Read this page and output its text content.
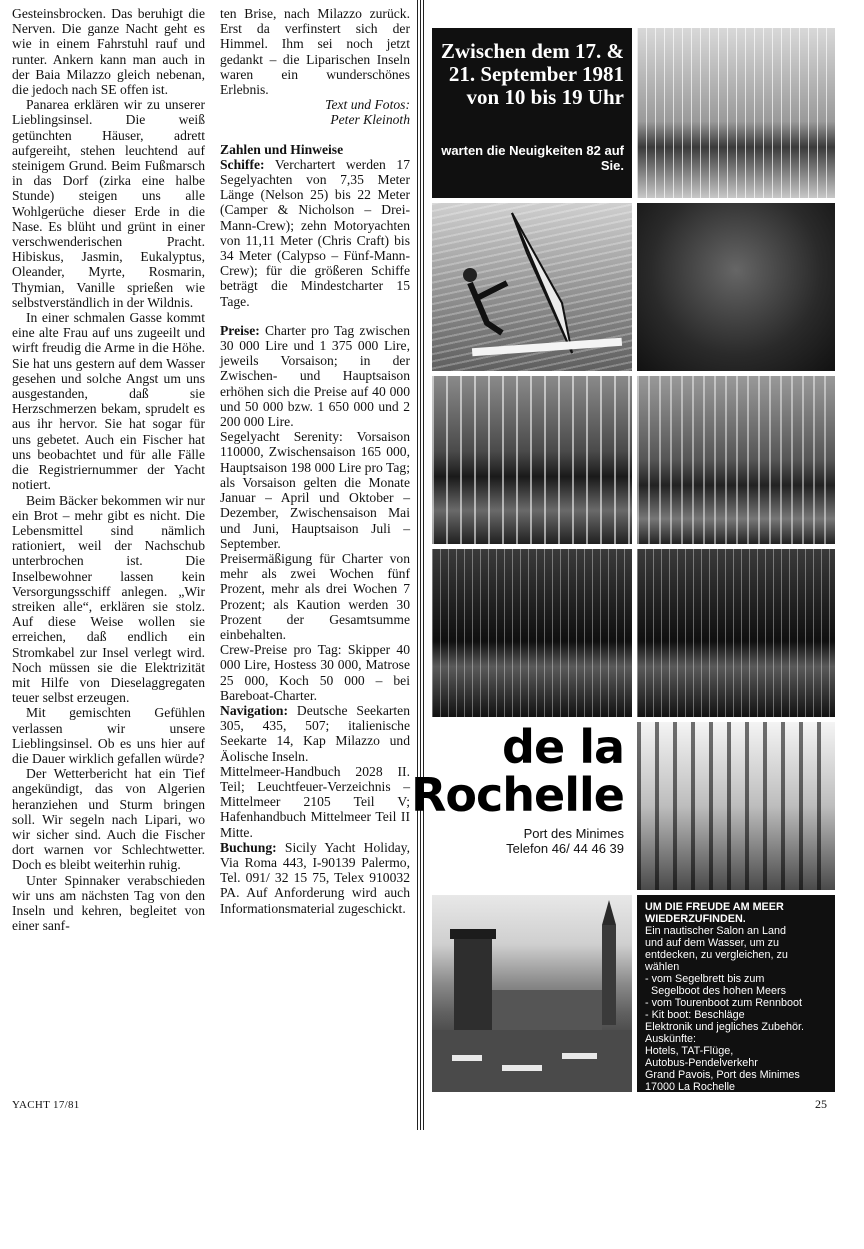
Gesteinsbrocken. Das beruhigt die Nerven. Die ganze Nacht geht es wie in einem Fahrstuhl rauf und runter. Ankern kann man auch in der Baia Milazzo gleich nebenan, die jedoch nach SE offen ist.

Panarea erklären wir zu unserer Lieblingsinsel. Die weiß getünchten Häuser, adrett aufgereiht, stehen leuchtend auf steinigem Grund. Beim Fußmarsch in das Dorf (zirka eine halbe Stunde) steigen uns alle Wohlgerüche dieser Erde in die Nase. Es blüht und grünt in einer verschwenderischen Pracht. Hibiskus, Jasmin, Eukalyptus, Oleander, Myrte, Rosmarin, Thymian, Vanille sprießen wie selbstverständlich in der Wildnis.

In einer schmalen Gasse kommt eine alte Frau auf uns zugeeilt und wirft freudig die Arme in die Höhe. Sie hat uns gestern auf dem Wasser gesehen und solche Angst um uns ausgestanden, daß sie Herzschmerzen bekam, sprudelt es aus ihr hervor. Sie hat sogar für uns gebetet. Auch ein Fischer hat uns beobachtet und für alle Fälle die Registriernummer der Yacht notiert.

Beim Bäcker bekommen wir nur ein Brot – mehr gibt es nicht. Die Lebensmittel sind nämlich rationiert, weil der Nachschub unterbrochen ist. Die Inselbewohner lassen kein Versorgungsschiff anlegen. „Wir streiken alle“, erklären sie stolz. Auf diese Weise wollen sie erreichen, daß endlich ein Stromkabel zur Insel verlegt wird. Noch müssen sie die Elektrizität mit Hilfe von Dieselaggregaten teuer selbst erzeugen.

Mit gemischten Gefühlen verlassen wir unsere Lieblingsinsel. Ob es uns hier auf die Dauer wirklich gefallen würde?

Der Wetterbericht hat ein Tief angekündigt, das von Algerien heranziehen und Sturm bringen soll. Wir segeln nach Lipari, wo wir sicher sind. Auch die Fischer dort warnen vor Schlechtwetter. Doch es bleibt weiterhin ruhig.

Unter Spinnaker verabschieden wir uns am nächsten Tag von den Inseln und kehren, begleitet von einer sanf-

ten Brise, nach Milazzo zurück. Erst da verfinstert sich der Himmel. Ihm sei noch jetzt gedankt – die Liparischen Inseln waren ein wunderschönes Erlebnis.

Text und Fotos:

Peter Kleinoth

Zahlen und Hinweise

Schiffe: Verchartert werden 17 Segelyachten von 7,35 Meter Länge (Nelson 25) bis 22 Meter (Camper & Nicholson – Drei-Mann-Crew); zehn Motoryachten von 11,11 Meter (Chris Craft) bis 34 Meter (Calypso – Fünf-Mann-Crew); für die größeren Schiffe beträgt die Mindestcharter 15 Tage.

Preise: Charter pro Tag zwischen 30 000 Lire und 1 375 000 Lire, jeweils Vorsaison; in der Zwischen- und Hauptsaison erhöhen sich die Preise auf 40 000 und 50 000 bzw. 1 650 000 und 2 200 000 Lire.

Segelyacht Serenity: Vorsaison 110000, Zwischensaison 165 000, Hauptsaison 198 000 Lire pro Tag; als Vorsaison gelten die Monate Januar – April und Oktober – Dezember, Zwischensaison Mai und Juni, Hauptsaison Juli – September.

Preisermäßigung für Charter von mehr als zwei Wochen fünf Prozent, mehr als drei Wochen 7 Prozent; als Kaution werden 30 Prozent der Gesamtsumme einbehalten.

Crew-Preise pro Tag: Skipper 40 000 Lire, Hostess 30 000, Matrose 25 000, Koch 50 000 – bei Bareboat-Charter.

Navigation: Deutsche Seekarten 305, 435, 507; italienische Seekarte 14, Kap Milazzo und Äolische Inseln.

Mittelmeer-Handbuch 2028 II. Teil; Leuchtfeuer-Verzeichnis – Mittelmeer 2105 Teil V; Hafenhandbuch Mittelmeer Teil II Mitte.

Buchung: Sicily Yacht Holiday, Via Roma 443, I-90139 Palermo, Tel. 091/ 32 15 75, Telex 910032 PA. Auf Anforderung wird auch Informationsmaterial zugeschickt.

YACHT 17/81
Zwischen dem 17. & 21. September 1981 von 10 bis 19 Uhr
warten die Neuigkeiten 82 auf Sie.
Grand
Pavois
de la
Rochelle
Port des Minimes
Telefon 46/ 44 46 39
UM DIE FREUDE AM MEER
WIEDERZUFINDEN.
Ein nautischer Salon an Land
und auf dem Wasser, um zu
entdecken, zu vergleichen, zu
wählen
- vom Segelbrett bis zum
Segelboot des hohen Meers
- vom Tourenboot zum Rennboot
- Kit boot: Beschläge
Elektronik und jegliches Zubehör.
Auskünfte:
Hotels, TAT-Flüge,
Autobus-Pendelverkehr
Grand Pavois, Port des Minimes
17000 La Rochelle
Tel. (46) 44.46.39	25
